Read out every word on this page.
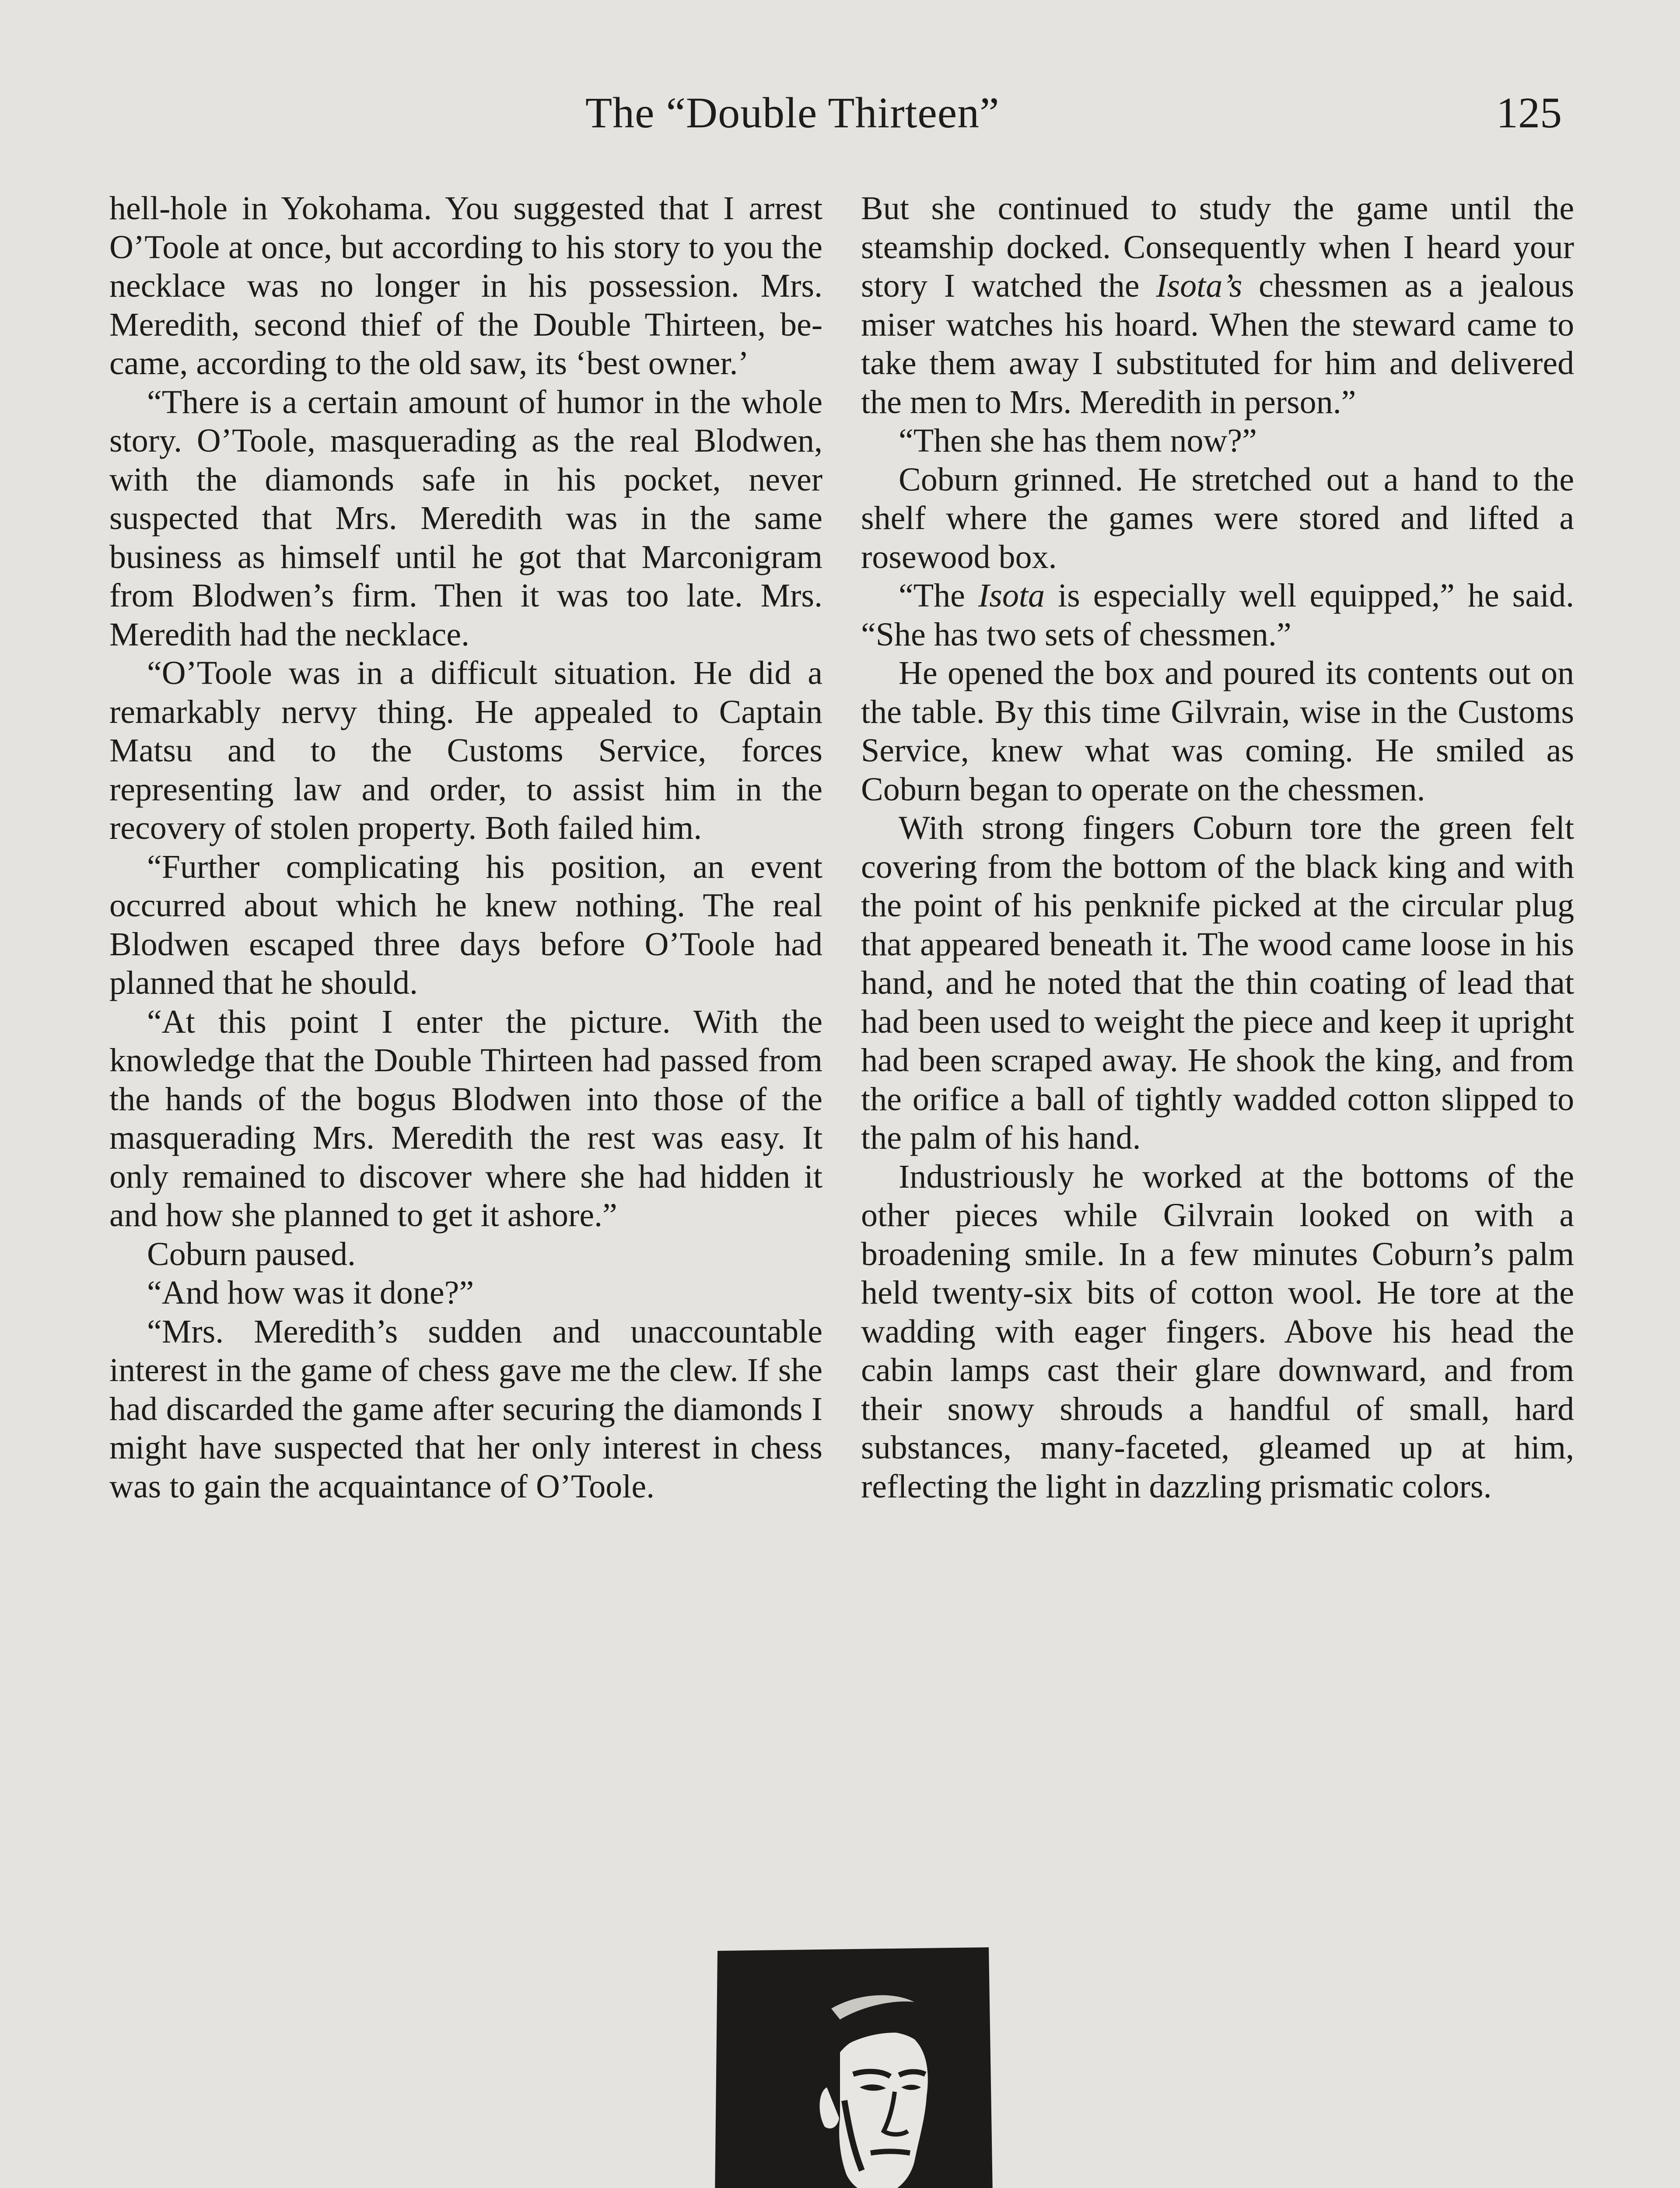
The “Double Thirteen”	125

hell-hole in Yokohama. You suggested that I arrest O’Toole at once, but according to his story to you the necklace was no longer in his possession. Mrs. Meredith, second thief of the Double Thirteen, became, according to the old saw, its ‘best owner.’

“There is a certain amount of humor in the whole story. O’Toole, masquerading as the real Blodwen, with the diamonds safe in his pocket, never suspected that Mrs. Meredith was in the same business as himself until he got that Marconigram from Blodwen’s firm. Then it was too late. Mrs. Meredith had the necklace.

“O’Toole was in a difficult situation. He did a remarkably nervy thing. He appealed to Captain Matsu and to the Customs Service, forces representing law and order, to assist him in the recovery of stolen property. Both failed him.

“Further complicating his position, an event occurred about which he knew nothing. The real Blodwen escaped three days before O’Toole had planned that he should.

“At this point I enter the picture. With the knowledge that the Double Thirteen had passed from the hands of the bogus Blodwen into those of the masquerading Mrs. Meredith the rest was easy. It only remained to discover where she had hidden it and how she planned to get it ashore.”

Coburn paused.

“And how was it done?”

“Mrs. Meredith’s sudden and unaccountable interest in the game of chess gave me the clew. If she had discarded the game after securing the diamonds I might have suspected that her only interest in chess was to gain the acquaintance of O’Toole.

But she continued to study the game until the steamship docked. Consequently when I heard your story I watched the Isota’s chessmen as a jealous miser watches his hoard. When the steward came to take them away I substituted for him and delivered the men to Mrs. Meredith in person.”

“Then she has them now?”

Coburn grinned. He stretched out a hand to the shelf where the games were stored and lifted a rosewood box.

“The Isota is especially well equipped,” he said. “She has two sets of chessmen.”

He opened the box and poured its contents out on the table. By this time Gilvrain, wise in the Customs Service, knew what was coming. He smiled as Coburn began to operate on the chessmen.

With strong fingers Coburn tore the green felt covering from the bottom of the black king and with the point of his penknife picked at the circular plug that appeared beneath it. The wood came loose in his hand, and he noted that the thin coating of lead that had been used to weight the piece and keep it upright had been scraped away. He shook the king, and from the orifice a ball of tightly wadded cotton slipped to the palm of his hand.

Industriously he worked at the bottoms of the other pieces while Gilvrain looked on with a broadening smile. In a few minutes Coburn’s palm held twenty-six bits of cotton wool. He tore at the wadding with eager fingers. Above his head the cabin lamps cast their glare downward, and from their snowy shrouds a handful of small, hard substances, many-faceted, gleamed up at him, reflecting the light in dazzling prismatic colors.
